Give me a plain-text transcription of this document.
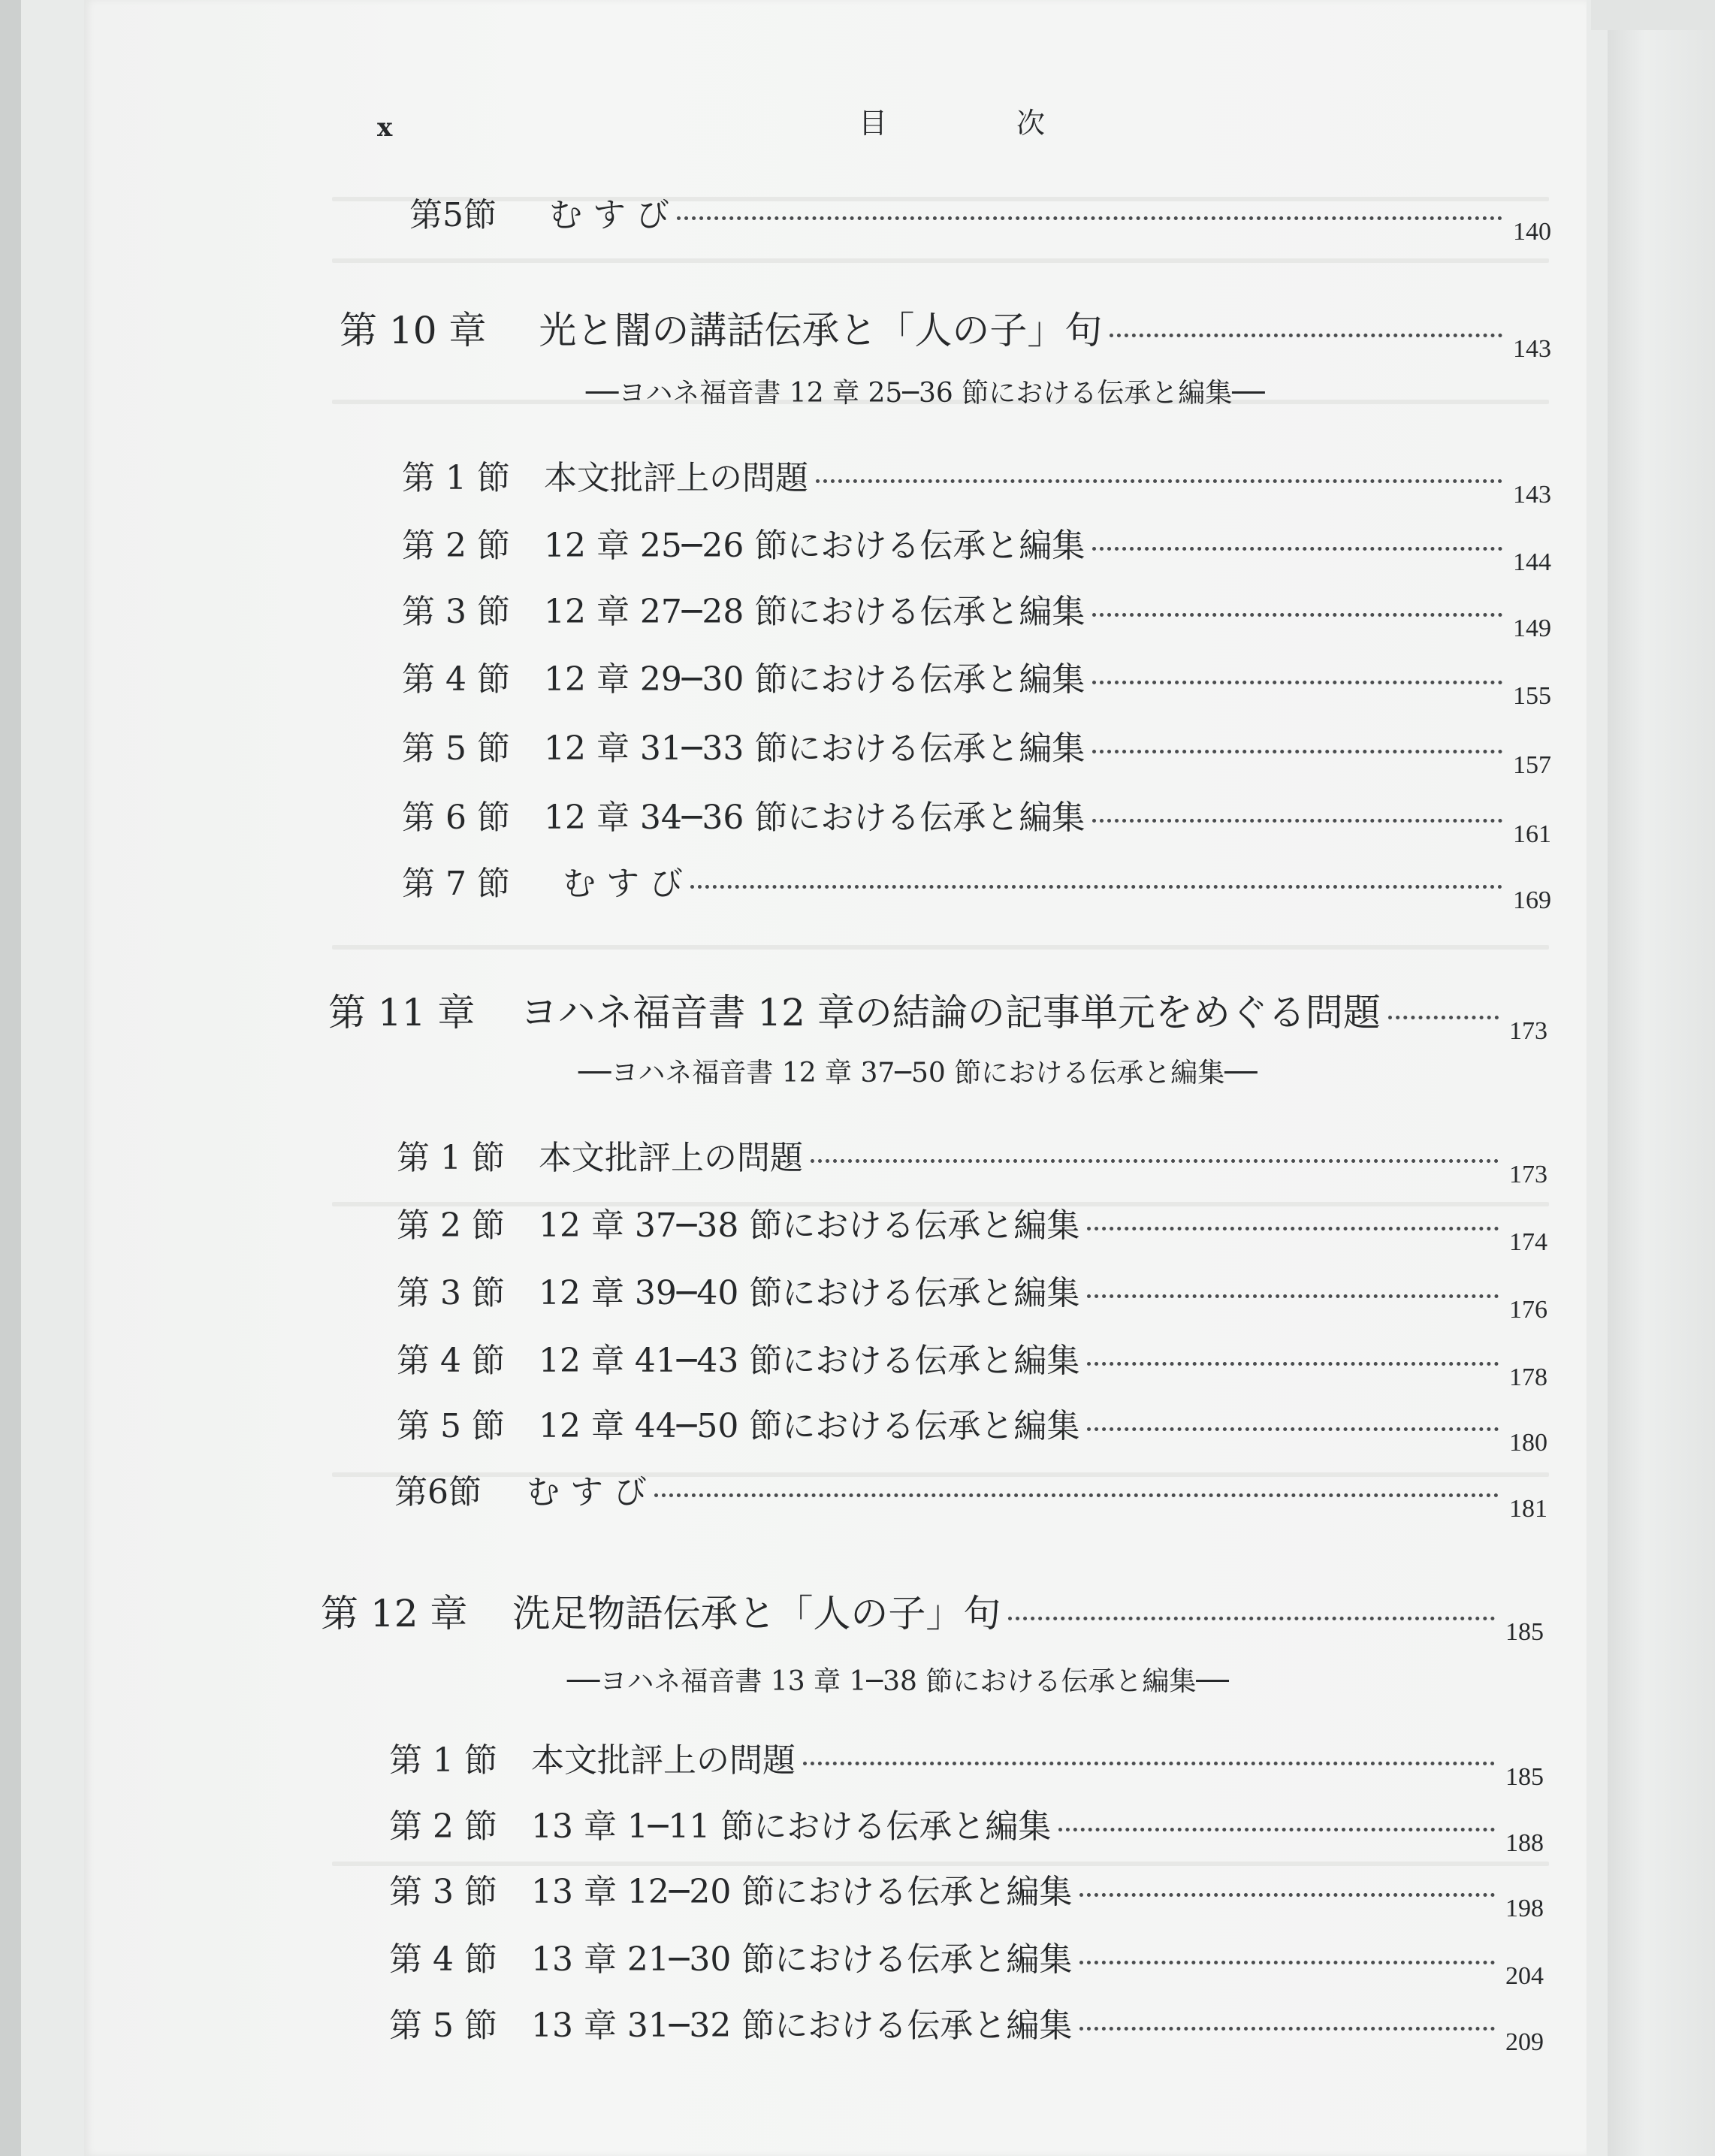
x	目	次
第5節 む す び	140
第 10 章 光と闇の講話伝承と「人の子」句	143
──ヨハネ福音書 12 章 25─36 節における伝承と編集──
第 1 節 本文批評上の問題	143
第 2 節 12 章 25─26 節における伝承と編集	144
第 3 節 12 章 27─28 節における伝承と編集	149
第 4 節 12 章 29─30 節における伝承と編集	155
第 5 節 12 章 31─33 節における伝承と編集	157
第 6 節 12 章 34─36 節における伝承と編集	161
第 7 節 む す び	169
第 11 章 ヨハネ福音書 12 章の結論の記事単元をめぐる問題	173
──ヨハネ福音書 12 章 37─50 節における伝承と編集──
第 1 節 本文批評上の問題	173
第 2 節 12 章 37─38 節における伝承と編集	174
第 3 節 12 章 39─40 節における伝承と編集	176
第 4 節 12 章 41─43 節における伝承と編集	178
第 5 節 12 章 44─50 節における伝承と編集	180
第6節 む す び	181
第 12 章 洗足物語伝承と「人の子」句	185
──ヨハネ福音書 13 章 1─38 節における伝承と編集──
第 1 節 本文批評上の問題	185
第 2 節 13 章 1─11 節における伝承と編集	188
第 3 節 13 章 12─20 節における伝承と編集	198
第 4 節 13 章 21─30 節における伝承と編集	204
第 5 節 13 章 31─32 節における伝承と編集	209
